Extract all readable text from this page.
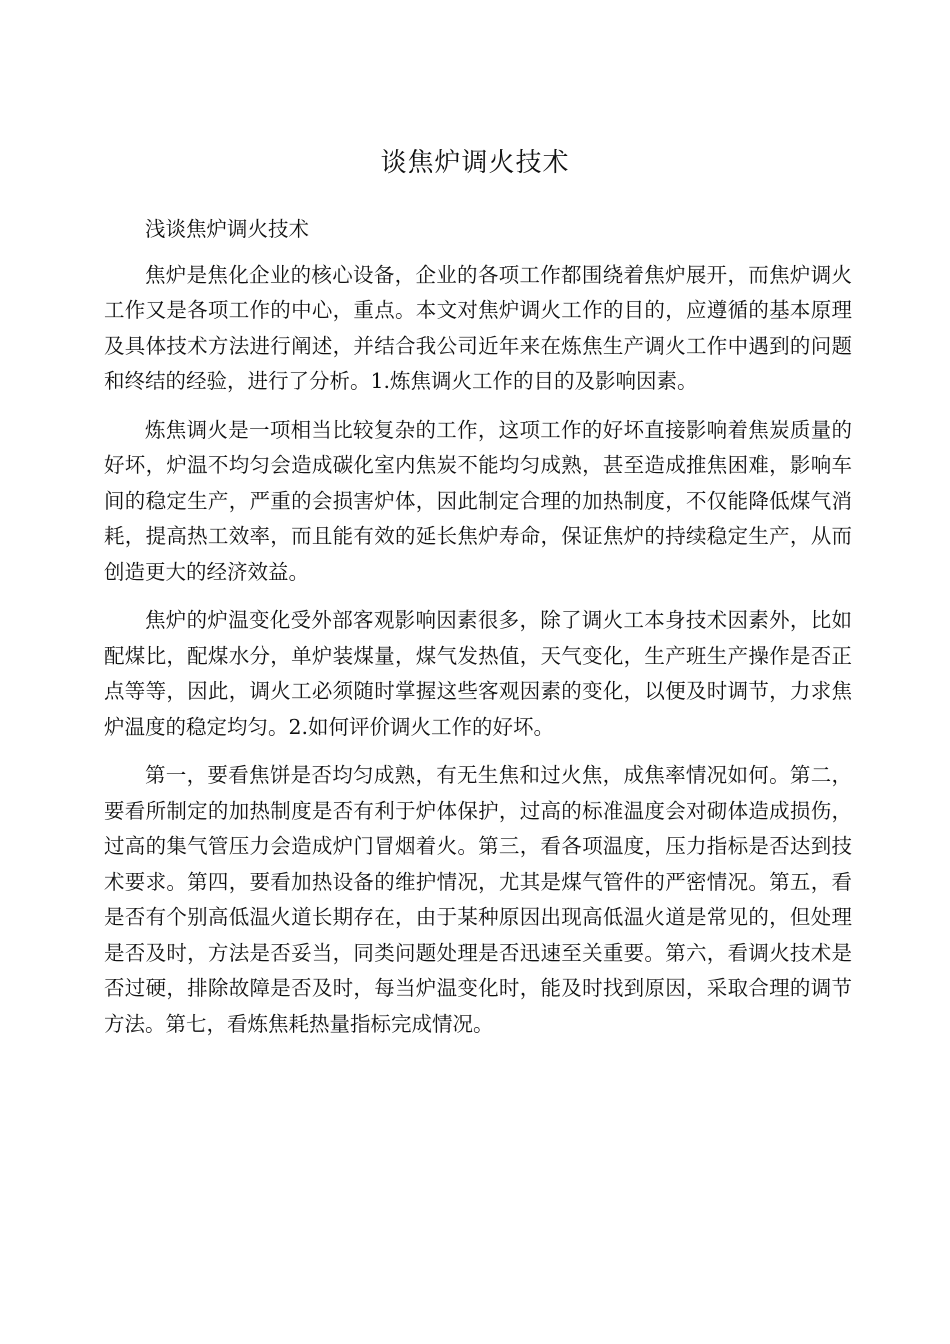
谈焦炉调火技术

浅谈焦炉调火技术

焦炉是焦化企业的核心设备，企业的各项工作都围绕着焦炉展开，而焦炉调火工作又是各项工作的中心，重点。本文对焦炉调火工作的目的，应遵循的基本原理及具体技术方法进行阐述，并结合我公司近年来在炼焦生产调火工作中遇到的问题和终结的经验，进行了分析。1.炼焦调火工作的目的及影响因素。

炼焦调火是一项相当比较复杂的工作，这项工作的好坏直接影响着焦炭质量的好坏，炉温不均匀会造成碳化室内焦炭不能均匀成熟，甚至造成推焦困难，影响车间的稳定生产，严重的会损害炉体，因此制定合理的加热制度，不仅能降低煤气消耗，提高热工效率，而且能有效的延长焦炉寿命，保证焦炉的持续稳定生产，从而创造更大的经济效益。

焦炉的炉温变化受外部客观影响因素很多，除了调火工本身技术因素外，比如配煤比，配煤水分，单炉装煤量，煤气发热值，天气变化，生产班生产操作是否正点等等，因此，调火工必须随时掌握这些客观因素的变化，以便及时调节，力求焦炉温度的稳定均匀。2.如何评价调火工作的好坏。

第一，要看焦饼是否均匀成熟，有无生焦和过火焦，成焦率情况如何。第二，要看所制定的加热制度是否有利于炉体保护，过高的标准温度会对砌体造成损伤，过高的集气管压力会造成炉门冒烟着火。第三，看各项温度，压力指标是否达到技术要求。第四，要看加热设备的维护情况，尤其是煤气管件的严密情况。第五，看是否有个别高低温火道长期存在，由于某种原因出现高低温火道是常见的，但处理是否及时，方法是否妥当，同类问题处理是否迅速至关重要。第六，看调火技术是否过硬，排除故障是否及时，每当炉温变化时，能及时找到原因，采取合理的调节方法。第七，看炼焦耗热量指标完成情况。
